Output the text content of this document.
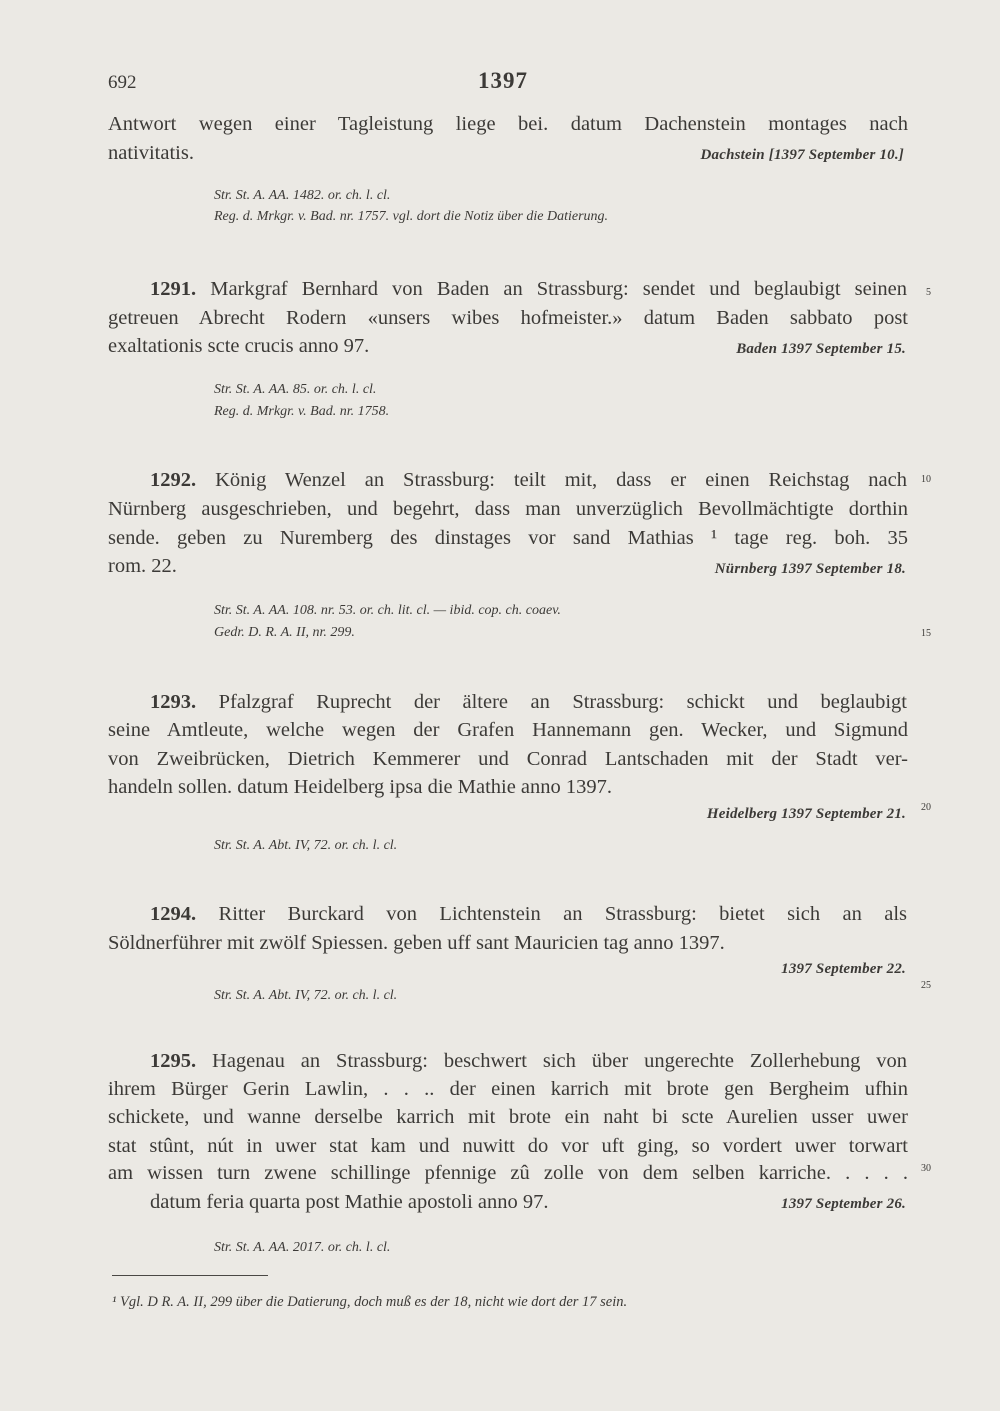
692	1397
Antwort wegen einer Tagleistung liege bei. datum Dachenstein montages nach
nativitatis.	Dachstein [1397 September 10.]
Str. St. A. AA. 1482. or. ch. l. cl.
Reg. d. Mrkgr. v. Bad. nr. 1757. vgl. dort die Notiz über die Datierung.
1291. Markgraf Bernhard von Baden an Strassburg: sendet und beglaubigt seinen
getreuen Abrecht Rodern «unsers wibes hofmeister.» datum Baden sabbato post
exaltationis scte crucis anno 97.	Baden 1397 September 15.
Str. St. A. AA. 85. or. ch. l. cl.
Reg. d. Mrkgr. v. Bad. nr. 1758.
1292. König Wenzel an Strassburg: teilt mit, dass er einen Reichstag nach
Nürnberg ausgeschrieben, und begehrt, dass man unverzüglich Bevollmächtigte dorthin
sende. geben zu Nuremberg des dinstages vor sand Mathias ¹ tage reg. boh. 35
rom. 22.	Nürnberg 1397 September 18.
Str. St. A. AA. 108. nr. 53. or. ch. lit. cl. — ibid. cop. ch. coaev.
Gedr. D. R. A. II, nr. 299.
1293. Pfalzgraf Ruprecht der ältere an Strassburg: schickt und beglaubigt
seine Amtleute, welche wegen der Grafen Hannemann gen. Wecker, und Sigmund
von Zweibrücken, Dietrich Kemmerer und Conrad Lantschaden mit der Stadt ver-
handeln sollen. datum Heidelberg ipsa die Mathie anno 1397.
Heidelberg 1397 September 21.
Str. St. A. Abt. IV, 72. or. ch. l. cl.
1294. Ritter Burckard von Lichtenstein an Strassburg: bietet sich an als
Söldnerführer mit zwölf Spiessen. geben uff sant Mauricien tag anno 1397.
1397 September 22.
Str. St. A. Abt. IV, 72. or. ch. l. cl.
1295. Hagenau an Strassburg: beschwert sich über ungerechte Zollerhebung von
ihrem Bürger Gerin Lawlin, . . .. der einen karrich mit brote gen Bergheim ufhin
schickete, und wanne derselbe karrich mit brote ein naht bi scte Aurelien usser uwer
stat stûnt, nút in uwer stat kam und nuwitt do vor uft ging, so vordert uwer torwart
am wissen turn zwene schillinge pfennige zû zolle von dem selben karriche. . . . .
datum feria quarta post Mathie apostoli anno 97.	1397 September 26.
Str. St. A. AA. 2017. or. ch. l. cl.
5
10
15
20
25
30
¹ Vgl. D R. A. II, 299 über die Datierung, doch muß es der 18, nicht wie dort der 17 sein.
